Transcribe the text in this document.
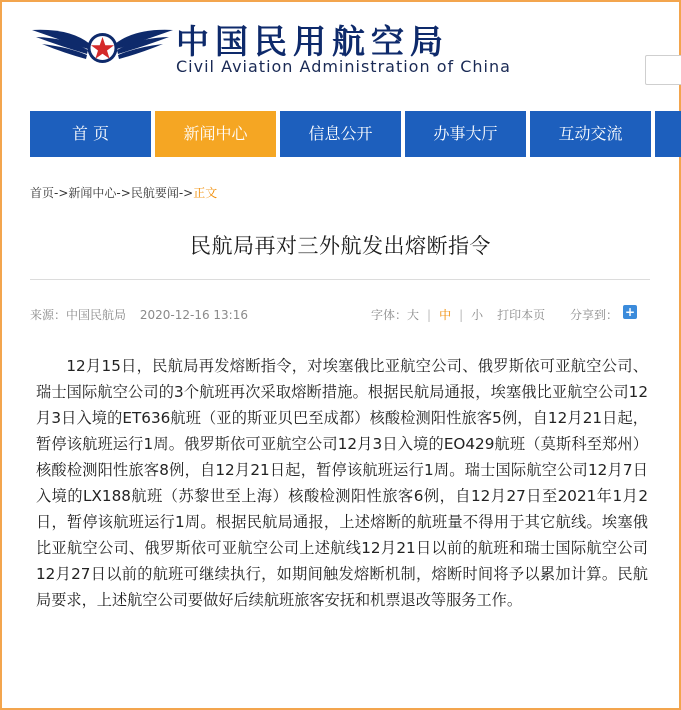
中国民用航空局
Civil Aviation Administration of China
首 页	新闻中心	信息公开	办事大厅	互动交流
首页->新闻中心->民航要闻->正文
民航局再对三外航发出熔断指令
来源：中国民航局 2020-12-16 13:16	字体：大 | 中 | 小 打印本页 分享到： +

12月15日，民航局再发熔断指令，对埃塞俄比亚航空公司、俄罗斯依可亚航空公司、瑞士国际航空公司的3个航班再次采取熔断措施。根据民航局通报，埃塞俄比亚航空公司12月3日入境的ET636航班（亚的斯亚贝巴至成都）核酸检测阳性旅客5例，自12月21日起，暂停该航班运行1周。俄罗斯依可亚航空公司12月3日入境的EO429航班（莫斯科至郑州）核酸检测阳性旅客8例，自12月21日起，暂停该航班运行1周。瑞士国际航空公司12月7日入境的LX188航班（苏黎世至上海）核酸检测阳性旅客6例，自12月27日至2021年1月2日，暂停该航班运行1周。根据民航局通报，上述熔断的航班量不得用于其它航线。埃塞俄比亚航空公司、俄罗斯依可亚航空公司上述航线12月21日以前的航班和瑞士国际航空公司12月27日以前的航班可继续执行，如期间触发熔断机制，熔断时间将予以累加计算。民航局要求，上述航空公司要做好后续航班旅客安抚和机票退改等服务工作。
